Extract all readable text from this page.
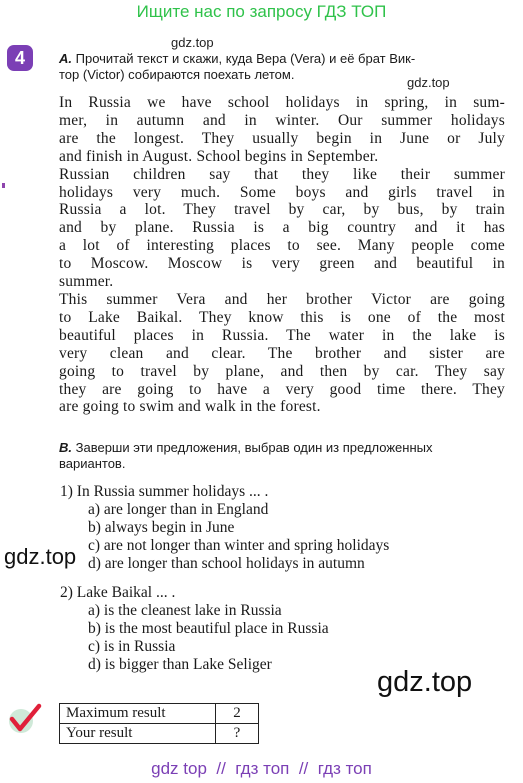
Ищите нас по запросу ГДЗ ТОП
4
gdz.top
A. Прочитай текст и скажи, куда Вера (Vera) и её брат Вик-
тор (Victor) собираются поехать летом.
gdz.top
In Russia we have school holidays in spring, in sum-
mer, in autumn and in winter. Our summer holidays
are the longest. They usually begin in June or July
and finish in August. School begins in September.
Russian children say that they like their summer
holidays very much. Some boys and girls travel in
Russia a lot. They travel by car, by bus, by train
and by plane. Russia is a big country and it has
a lot of interesting places to see. Many people come
to Moscow. Moscow is very green and beautiful in
summer.
This summer Vera and her brother Victor are going
to Lake Baikal. They know this is one of the most
beautiful places in Russia. The water in the lake is
very clean and clear. The brother and sister are
going to travel by plane, and then by car. They say
they are going to have a very good time there. They
are going to swim and walk in the forest.
B. Заверши эти предложения, выбрав один из предложенных
вариантов.
1) In Russia summer holidays ... .
a) are longer than in England
b) always begin in June
c) are not longer than winter and spring holidays
d) are longer than school holidays in autumn
gdz.top
2) Lake Baikal ... .
a) is the cleanest lake in Russia
b) is the most beautiful place in Russia
c) is in Russia
d) is bigger than Lake Seliger
gdz.top
Maximum result	2
Your result	?
gdz top  //  гдз топ  //  гдз топ
